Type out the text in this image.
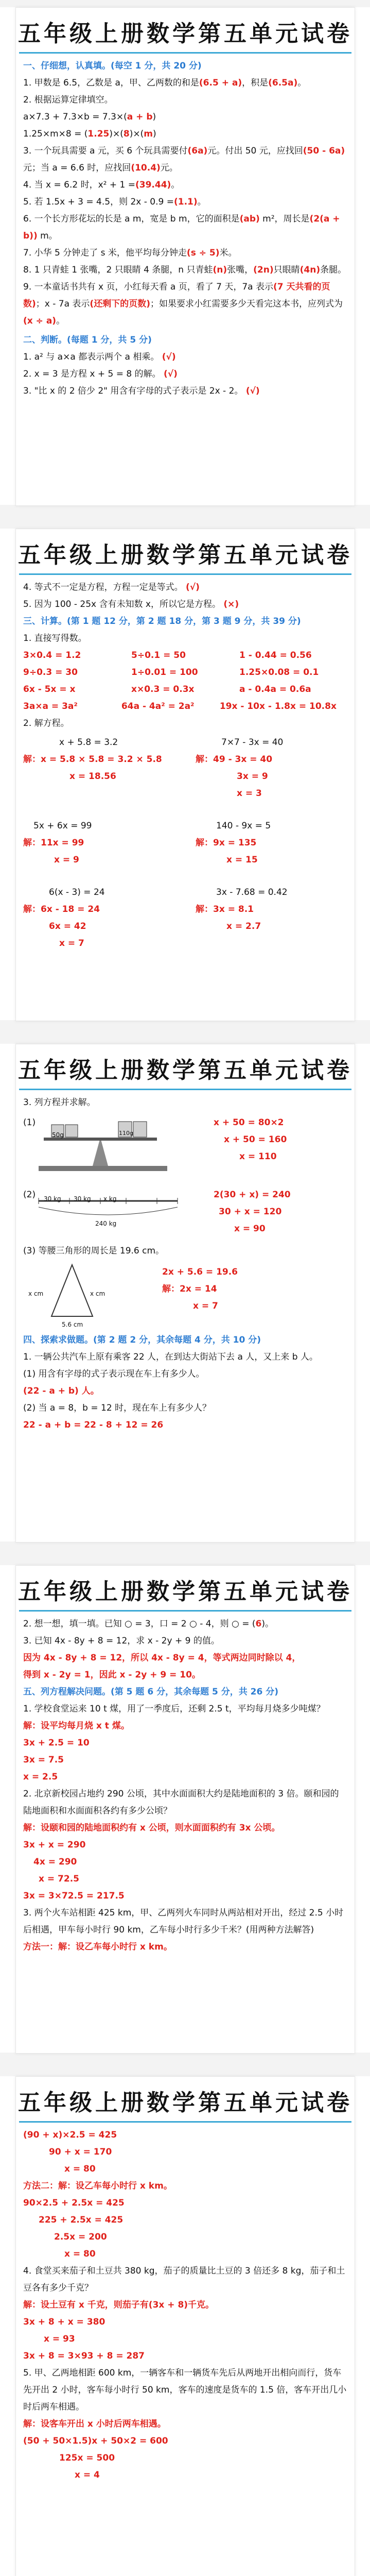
五年级上册数学第五单元试卷
一、仔细想，认真填。(每空 1 分，共 20 分)
1. 甲数是 6.5，乙数是 a，甲、乙两数的和是(6.5 + a)，积是(6.5a)。
2. 根据运算定律填空。
a×7.3 + 7.3×b = 7.3×(a + b)
1.25×m×8 = (1.25)×(8)×(m)
3. 一个玩具需要 a 元，买 6 个玩具需要付(6a)元。付出 50 元，应找回(50 - 6a)元；当 a = 6.6 时，应找回(10.4)元。
4. 当 x = 6.2 时，x² + 1 =(39.44)。
5. 若 1.5x + 3 = 4.5，则 2x - 0.9 =(1.1)。
6. 一个长方形花坛的长是 a m，宽是 b m，它的面积是(ab) m²，周长是(2(a + b)) m。
7. 小华 5 分钟走了 s 米，他平均每分钟走(s ÷ 5)米。
8. 1 只青蛙 1 张嘴，2 只眼睛 4 条腿，n 只青蛙(n)张嘴，(2n)只眼睛(4n)条腿。
9. 一本童话书共有 x 页，小红每天看 a 页，看了 7 天，7a 表示(7 天共看的页数)；x - 7a 表示(还剩下的页数)；如果要求小红需要多少天看完这本书，应列式为(x ÷ a)。
二、判断。(每题 1 分，共 5 分)
1. a² 与 a×a 都表示两个 a 相乘。 (√)
2. x = 3 是方程 x + 5 = 8 的解。 (√)
3. "比 x 的 2 倍少 2" 用含有字母的式子表示是 2x - 2。 (√)
五年级上册数学第五单元试卷
4. 等式不一定是方程，方程一定是等式。 (√)
5. 因为 100 - 25x 含有未知数 x，所以它是方程。 (×)
三、计算。(第 1 题 12 分，第 2 题 18 分，第 3 题 9 分，共 39 分)
1. 直接写得数。
3×0.4 = 1.2	5÷0.1 = 50	1 - 0.44 = 0.56
9÷0.3 = 30	1÷0.01 = 100	1.25×0.08 = 0.1
6x - 5x = x	x×0.3 = 0.3x	a - 0.4a = 0.6a
3a×a = 3a²	64a - 4a² = 2a²	19x - 10x - 1.8x = 10.8x
2. 解方程。
x + 5.8 = 3.2
解：x = 5.8 × 5.8 = 3.2 × 5.8
x = 18.56
7×7 - 3x = 40
解：49 - 3x = 40
3x = 9
x = 3
5x + 6x = 99
解：11x = 99
x = 9
140 - 9x = 5
解：9x = 135
x = 15
6(x - 3) = 24
解：6x - 18 = 24
6x = 42
x = 7
3x - 7.68 = 0.42
解：3x = 8.1
x = 2.7
五年级上册数学第五单元试卷
3. 列方程并求解。
(1)
50g	110g
x + 50 = 80×2
x + 50 = 160
x = 110
(2) 30 kg 30 kg x kg
240 kg
2(30 + x) = 240
30 + x = 120
x = 90
(3) 等腰三角形的周长是 19.6 cm。
x cm	x cm
5.6 cm
2x + 5.6 = 19.6
解：2x = 14
x = 7
四、探索求做题。(第 2 题 2 分，其余每题 4 分，共 10 分)
1. 一辆公共汽车上原有乘客 22 人，在到达大街站下去 a 人，又上来 b 人。
(1) 用含有字母的式子表示现在车上有多少人。
(22 - a + b) 人。
(2) 当 a = 8，b = 12 时，现在车上有多少人？
22 - a + b = 22 - 8 + 12 = 26
五年级上册数学第五单元试卷
2. 想一想，填一填。已知 ○ = 3，口 = 2 ○ - 4，则 ○ = (6)。
3. 已知 4x - 8y + 8 = 12，求 x - 2y + 9 的值。
因为 4x - 8y + 8 = 12，所以 4x - 8y = 4，等式两边同时除以 4，
得到 x - 2y = 1，因此 x - 2y + 9 = 10。
五、列方程解决问题。(第 5 题 6 分，其余每题 5 分，共 26 分)
1. 学校食堂运来 10 t 煤，用了一季度后，还剩 2.5 t，平均每月烧多少吨煤？
解：设平均每月烧 x t 煤。
3x + 2.5 = 10
3x = 7.5
x = 2.5
2. 北京新校园占地约 290 公顷，其中水面面积大约是陆地面积的 3 倍。颐和园的陆地面积和水面面积各约有多少公顷？
解：设颐和园的陆地面积约有 x 公顷，则水面面积约有 3x 公顷。
3x + x = 290
4x = 290
x = 72.5
3x = 3×72.5 = 217.5
3. 两个火车站相距 425 km，甲、乙两列火车同时从两站相对开出，经过 2.5 小时后相遇，甲车每小时行 90 km，乙车每小时行多少千米？(用两种方法解答)
方法一：解：设乙车每小时行 x km。
五年级上册数学第五单元试卷
(90 + x)×2.5 = 425
90 + x = 170
x = 80
方法二：解：设乙车每小时行 x km。
90×2.5 + 2.5x = 425
225 + 2.5x = 425
2.5x = 200
x = 80
4. 食堂买来茄子和土豆共 380 kg，茄子的质量比土豆的 3 倍还多 8 kg，茄子和土豆各有多少千克？
解：设土豆有 x 千克，则茄子有(3x + 8)千克。
3x + 8 + x = 380
x = 93
3x + 8 = 3×93 + 8 = 287
5. 甲、乙两地相距 600 km，一辆客车和一辆货车先后从两地开出相向而行，货车先开出 2 小时，客车每小时行 50 km，客车的速度是货车的 1.5 倍，客车开出几小时后两车相遇。
解：设客车开出 x 小时后两车相遇。
(50 + 50×1.5)x + 50×2 = 600
125x = 500
x = 4
